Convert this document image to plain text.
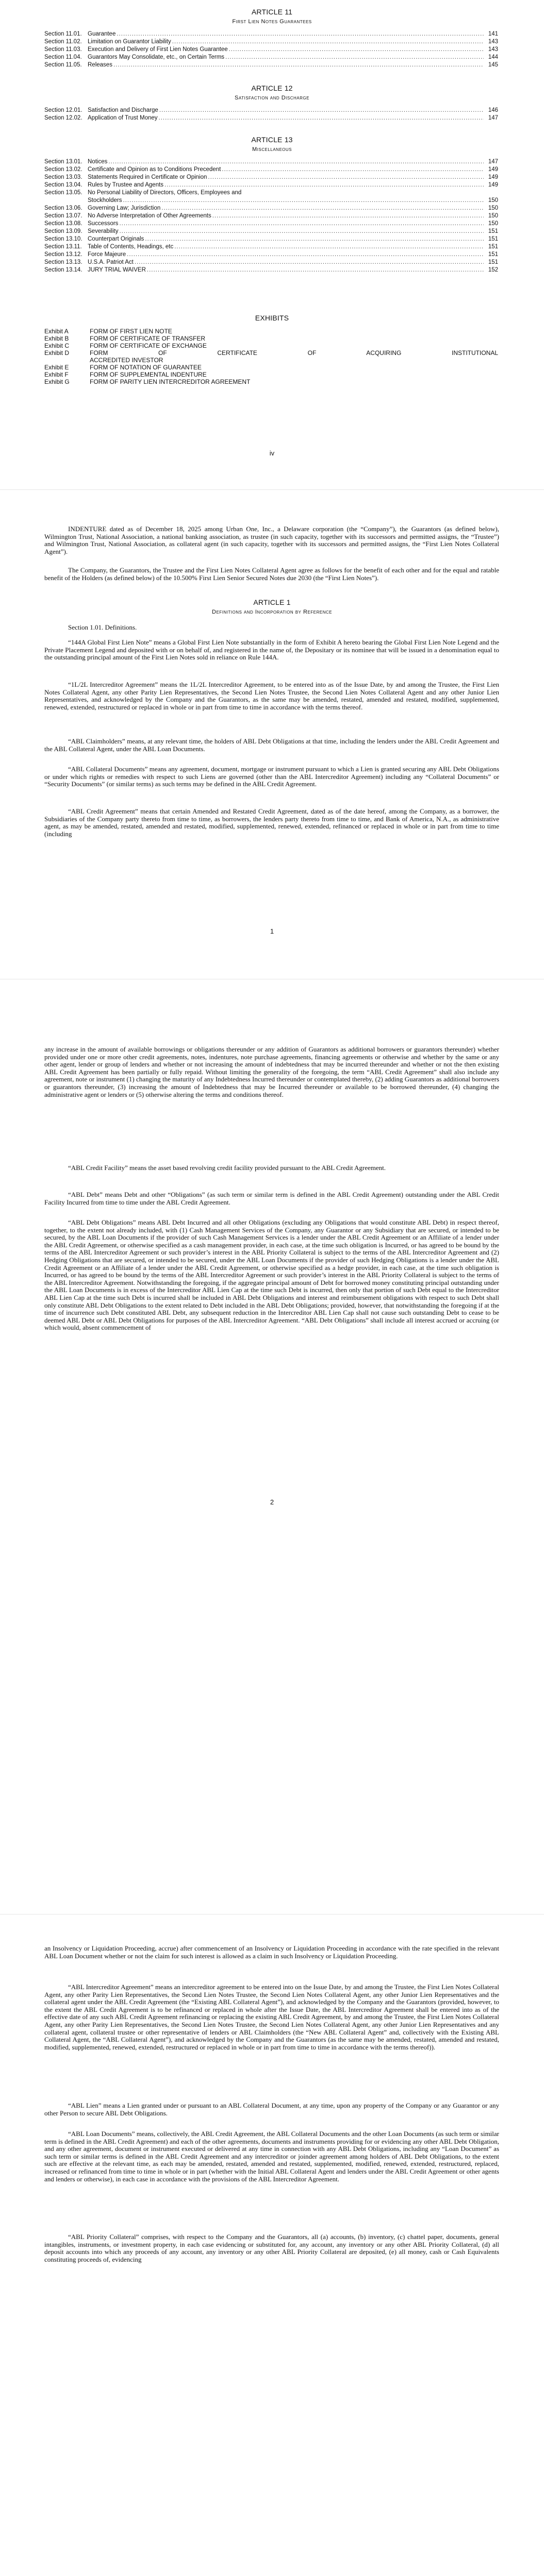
ARTICLE 11
First Lien Notes Guarantees
Section 11.01. Guarantee .....	141
Section 11.02. Limitation on Guarantor Liability .....	143
Section 11.03. Execution and Delivery of First Lien Notes Guarantee .....	143
Section 11.04. Guarantors May Consolidate, etc., on Certain Terms .....	144
Section 11.05. Releases .....	145
ARTICLE 12
Satisfaction and Discharge
Section 12.01. Satisfaction and Discharge .....	146
Section 12.02. Application of Trust Money .....	147
ARTICLE 13
Miscellaneous
Section 13.01. Notices .....	147
Section 13.02. Certificate and Opinion as to Conditions Precedent .....	149
Section 13.03. Statements Required in Certificate or Opinion .....	149
Section 13.04. Rules by Trustee and Agents .....	149
Section 13.05. No Personal Liability of Directors, Officers, Employees and
Stockholders .....	150
Section 13.06. Governing Law; Jurisdiction .....	150
Section 13.07. No Adverse Interpretation of Other Agreements .....	150
Section 13.08. Successors .....	150
Section 13.09. Severability .....	151
Section 13.10. Counterpart Originals .....	151
Section 13.11. Table of Contents, Headings, etc .....	151
Section 13.12. Force Majeure .....	151
Section 13.13. U.S.A. Patriot Act .....	151
Section 13.14. JURY TRIAL WAIVER .....	152
EXHIBITS
Exhibit A	FORM OF FIRST LIEN NOTE
Exhibit B	FORM OF CERTIFICATE OF TRANSFER
Exhibit C	FORM OF CERTIFICATE OF EXCHANGE
Exhibit D	FORM OF CERTIFICATE OF ACQUIRING INSTITUTIONAL
ACCREDITED INVESTOR
Exhibit E	FORM OF NOTATION OF GUARANTEE
Exhibit F	FORM OF SUPPLEMENTAL INDENTURE
Exhibit G	FORM OF PARITY LIEN INTERCREDITOR AGREEMENT
iv
INDENTURE dated as of December 18, 2025 among Urban One, Inc., a Delaware corporation (the “Company”), the Guarantors (as defined below), Wilmington Trust, National Association, a national banking association, as trustee (in such capacity, together with its successors and permitted assigns, the “Trustee”) and Wilmington Trust, National Association, as collateral agent (in such capacity, together with its successors and permitted assigns, the “First Lien Notes Collateral Agent”).
The Company, the Guarantors, the Trustee and the First Lien Notes Collateral Agent agree as follows for the benefit of each other and for the equal and ratable benefit of the Holders (as defined below) of the 10.500% First Lien Senior Secured Notes due 2030 (the “First Lien Notes”).
ARTICLE 1
Definitions and Incorporation by Reference
Section 1.01. Definitions.
“144A Global First Lien Note” means a Global First Lien Note substantially in the form of Exhibit A hereto bearing the Global First Lien Note Legend and the Private Placement Legend and deposited with or on behalf of, and registered in the name of, the Depositary or its nominee that will be issued in a denomination equal to the outstanding principal amount of the First Lien Notes sold in reliance on Rule 144A.
“1L/2L Intercreditor Agreement” means the 1L/2L Intercreditor Agreement, to be entered into as of the Issue Date, by and among the Trustee, the First Lien Notes Collateral Agent, any other Parity Lien Representatives, the Second Lien Notes Trustee, the Second Lien Notes Collateral Agent and any other Junior Lien Representatives, and acknowledged by the Company and the Guarantors, as the same may be amended, restated, amended and restated, modified, supplemented, renewed, extended, restructured or replaced in whole or in part from time to time in accordance with the terms thereof.
“ABL Claimholders” means, at any relevant time, the holders of ABL Debt Obligations at that time, including the lenders under the ABL Credit Agreement and the ABL Collateral Agent, under the ABL Loan Documents.
“ABL Collateral Documents” means any agreement, document, mortgage or instrument pursuant to which a Lien is granted securing any ABL Debt Obligations or under which rights or remedies with respect to such Liens are governed (other than the ABL Intercreditor Agreement) including any “Collateral Documents” or “Security Documents” (or similar terms) as such terms may be defined in the ABL Credit Agreement.
“ABL Credit Agreement” means that certain Amended and Restated Credit Agreement, dated as of the date hereof, among the Company, as a borrower, the Subsidiaries of the Company party thereto from time to time, as borrowers, the lenders party thereto from time to time, and Bank of America, N.A., as administrative agent, as may be amended, restated, amended and restated, modified, supplemented, renewed, extended, refinanced or replaced in whole or in part from time to time (including
1
any increase in the amount of available borrowings or obligations thereunder or any addition of Guarantors as additional borrowers or guarantors thereunder) whether provided under one or more other credit agreements, notes, indentures, note purchase agreements, financing agreements or otherwise and whether by the same or any other agent, lender or group of lenders and whether or not increasing the amount of indebtedness that may be incurred thereunder and whether or not the then existing ABL Credit Agreement has been partially or fully repaid. Without limiting the generality of the foregoing, the term “ABL Credit Agreement” shall also include any agreement, note or instrument (1) changing the maturity of any Indebtedness Incurred thereunder or contemplated thereby, (2) adding Guarantors as additional borrowers or guarantors thereunder, (3) increasing the amount of Indebtedness that may be Incurred thereunder or available to be borrowed thereunder, (4) changing the administrative agent or lenders or (5) otherwise altering the terms and conditions thereof.
“ABL Credit Facility” means the asset based revolving credit facility provided pursuant to the ABL Credit Agreement.
“ABL Debt” means Debt and other “Obligations” (as such term or similar term is defined in the ABL Credit Agreement) outstanding under the ABL Credit Facility Incurred from time to time under the ABL Credit Agreement.
“ABL Debt Obligations” means ABL Debt Incurred and all other Obligations (excluding any Obligations that would constitute ABL Debt) in respect thereof, together, to the extent not already included, with (1) Cash Management Services of the Company, any Guarantor or any Subsidiary that are secured, or intended to be secured, by the ABL Loan Documents if the provider of such Cash Management Services is a lender under the ABL Credit Agreement or an Affiliate of a lender under the ABL Credit Agreement, or otherwise specified as a cash management provider, in each case, at the time such obligation is Incurred, or has agreed to be bound by the terms of the ABL Intercreditor Agreement or such provider’s interest in the ABL Priority Collateral is subject to the terms of the ABL Intercreditor Agreement and (2) Hedging Obligations that are secured, or intended to be secured, under the ABL Loan Documents if the provider of such Hedging Obligations is a lender under the ABL Credit Agreement or an Affiliate of a lender under the ABL Credit Agreement, or otherwise specified as a hedge provider, in each case, at the time such obligation is Incurred, or has agreed to be bound by the terms of the ABL Intercreditor Agreement or such provider’s interest in the ABL Priority Collateral is subject to the terms of the ABL Intercreditor Agreement. Notwithstanding the foregoing, if the aggregate principal amount of Debt for borrowed money constituting principal outstanding under the ABL Loan Documents is in excess of the Intercreditor ABL Lien Cap at the time such Debt is incurred, then only that portion of such Debt equal to the Intercreditor ABL Lien Cap at the time such Debt is incurred shall be included in ABL Debt Obligations and interest and reimbursement obligations with respect to such Debt shall only constitute ABL Debt Obligations to the extent related to Debt included in the ABL Debt Obligations; provided, however, that notwithstanding the foregoing if at the time of incurrence such Debt constituted ABL Debt, any subsequent reduction in the Intercreditor ABL Lien Cap shall not cause such outstanding Debt to cease to be deemed ABL Debt or ABL Debt Obligations for purposes of the ABL Intercreditor Agreement. “ABL Debt Obligations” shall include all interest accrued or accruing (or which would, absent commencement of
2
an Insolvency or Liquidation Proceeding, accrue) after commencement of an Insolvency or Liquidation Proceeding in accordance with the rate specified in the relevant ABL Loan Document whether or not the claim for such interest is allowed as a claim in such Insolvency or Liquidation Proceeding.
“ABL Intercreditor Agreement” means an intercreditor agreement to be entered into on the Issue Date, by and among the Trustee, the First Lien Notes Collateral Agent, any other Parity Lien Representatives, the Second Lien Notes Trustee, the Second Lien Notes Collateral Agent, any other Junior Lien Representatives and the collateral agent under the ABL Credit Agreement (the “Existing ABL Collateral Agent”), and acknowledged by the Company and the Guarantors (provided, however, to the extent the ABL Credit Agreement is to be refinanced or replaced in whole after the Issue Date, the ABL Intercreditor Agreement shall be entered into as of the effective date of any such ABL Credit Agreement refinancing or replacing the existing ABL Credit Agreement, by and among the Trustee, the First Lien Notes Collateral Agent, any other Parity Lien Representatives, the Second Lien Notes Trustee, the Second Lien Notes Collateral Agent, any other Junior Lien Representatives and any collateral agent, collateral trustee or other representative of lenders or ABL Claimholders (the “New ABL Collateral Agent” and, collectively with the Existing ABL Collateral Agent, the “ABL Collateral Agent”), and acknowledged by the Company and the Guarantors (as the same may be amended, restated, amended and restated, modified, supplemented, renewed, extended, restructured or replaced in whole or in part from time to time in accordance with the terms thereof)).
“ABL Lien” means a Lien granted under or pursuant to an ABL Collateral Document, at any time, upon any property of the Company or any Guarantor or any other Person to secure ABL Debt Obligations.
“ABL Loan Documents” means, collectively, the ABL Credit Agreement, the ABL Collateral Documents and the other Loan Documents (as such term or similar term is defined in the ABL Credit Agreement) and each of the other agreements, documents and instruments providing for or evidencing any other ABL Debt Obligation, and any other agreement, document or instrument executed or delivered at any time in connection with any ABL Debt Obligations, including any “Loan Document” as such term or similar terms is defined in the ABL Credit Agreement and any intercreditor or joinder agreement among holders of ABL Debt Obligations, to the extent such are effective at the relevant time, as each may be amended, restated, amended and restated, supplemented, modified, renewed, extended, restructured, replaced, increased or refinanced from time to time in whole or in part (whether with the Initial ABL Collateral Agent and lenders under the ABL Credit Agreement or other agents and lenders or otherwise), in each case in accordance with the provisions of the ABL Intercreditor Agreement.
“ABL Priority Collateral” comprises, with respect to the Company and the Guarantors, all (a) accounts, (b) inventory, (c) chattel paper, documents, general intangibles, instruments, or investment property, in each case evidencing or substituted for, any account, any inventory or any other ABL Priority Collateral, (d) all deposit accounts into which any proceeds of any account, any inventory or any other ABL Priority Collateral are deposited, (e) all money, cash or Cash Equivalents constituting proceeds of, evidencing
